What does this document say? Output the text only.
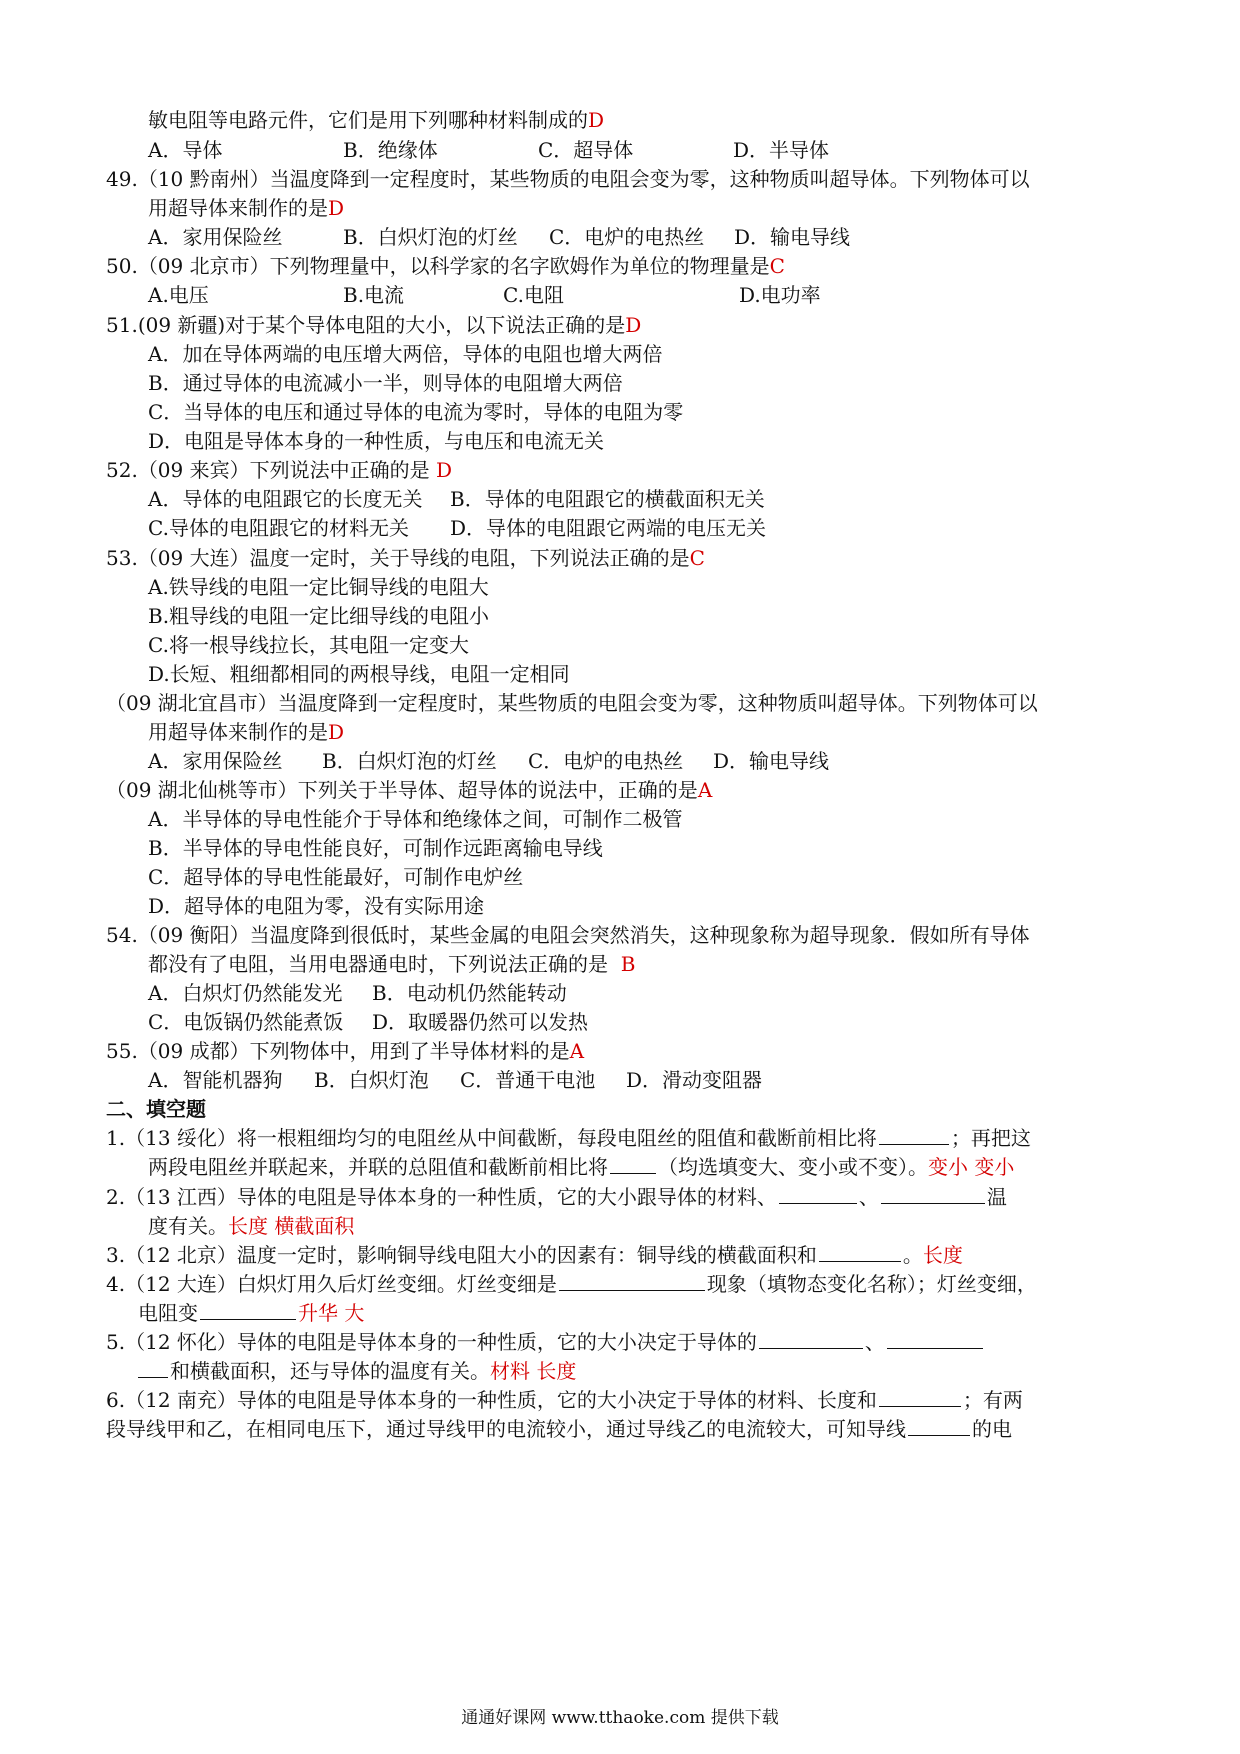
敏电阻等电路元件，它们是用下列哪种材料制成的D
A．导体	B．绝缘体	C．超导体	D．半导体
49.（10 黔南州）当温度降到一定程度时，某些物质的电阻会变为零，这种物质叫超导体。下列物体可以
用超导体来制作的是D
A．家用保险丝	B．白炽灯泡的灯丝 C．电炉的电热丝 D．输电导线
50.（09 北京市）下列物理量中，以科学家的名字欧姆作为单位的物理量是C
A.电压	B.电流	C.电阻	D.电功率
51.(09 新疆)对于某个导体电阻的大小，以下说法正确的是D
A．加在导体两端的电压增大两倍，导体的电阻也增大两倍
B．通过导体的电流减小一半，则导体的电阻增大两倍
C．当导体的电压和通过导体的电流为零时，导体的电阻为零
D．电阻是导体本身的一种性质，与电压和电流无关
52.（09 来宾）下列说法中正确的是 D
A．导体的电阻跟它的长度无关 B．导体的电阻跟它的横截面积无关
C.导体的电阻跟它的材料无关 D．导体的电阻跟它两端的电压无关
53.（09 大连）温度一定时，关于导线的电阻，下列说法正确的是C
A.铁导线的电阻一定比铜导线的电阻大
B.粗导线的电阻一定比细导线的电阻小
C.将一根导线拉长，其电阻一定变大
D.长短、粗细都相同的两根导线，电阻一定相同
（09 湖北宜昌市）当温度降到一定程度时，某些物质的电阻会变为零，这种物质叫超导体。下列物体可以
用超导体来制作的是D
A．家用保险丝 B．白炽灯泡的灯丝 C．电炉的电热丝 D．输电导线
（09 湖北仙桃等市）下列关于半导体、超导体的说法中，正确的是A
A．半导体的导电性能介于导体和绝缘体之间，可制作二极管
B．半导体的导电性能良好，可制作远距离输电导线
C．超导体的导电性能最好，可制作电炉丝
D．超导体的电阻为零，没有实际用途
54.（09 衡阳）当温度降到很低时，某些金属的电阻会突然消失，这种现象称为超导现象．假如所有导体
都没有了电阻，当用电器通电时，下列说法正确的是 B
A．白炽灯仍然能发光 B．电动机仍然能转动
C．电饭锅仍然能煮饭 D．取暖器仍然可以发热
55.（09 成都）下列物体中，用到了半导体材料的是A
A．智能机器狗 B．白炽灯泡 C．普通干电池 D．滑动变阻器
二、填空题
1.（13 绥化）将一根粗细均匀的电阻丝从中间截断，每段电阻丝的阻值和截断前相比将	；再把这
两段电阻丝并联起来，并联的总阻值和截断前相比将	（均选填变大、变小或不变）。变小 变小
2.（13 江西）导体的电阻是导体本身的一种性质，它的大小跟导体的材料、	、	温
度有关。长度 横截面积
3.（12 北京）温度一定时，影响铜导线电阻大小的因素有：铜导线的横截面积和	。长度
4.（12 大连）白炽灯用久后灯丝变细。灯丝变细是	现象（填物态变化名称）；灯丝变细，
电阻变	升华 大
5.（12 怀化）导体的电阻是导体本身的一种性质，它的大小决定于导体的	、
和横截面积，还与导体的温度有关。材料 长度
6.（12 南充）导体的电阻是导体本身的一种性质，它的大小决定于导体的材料、长度和	；有两
段导线甲和乙，在相同电压下，通过导线甲的电流较小，通过导线乙的电流较大，可知导线	的电
通通好课网 www.tthaoke.com 提供下载
